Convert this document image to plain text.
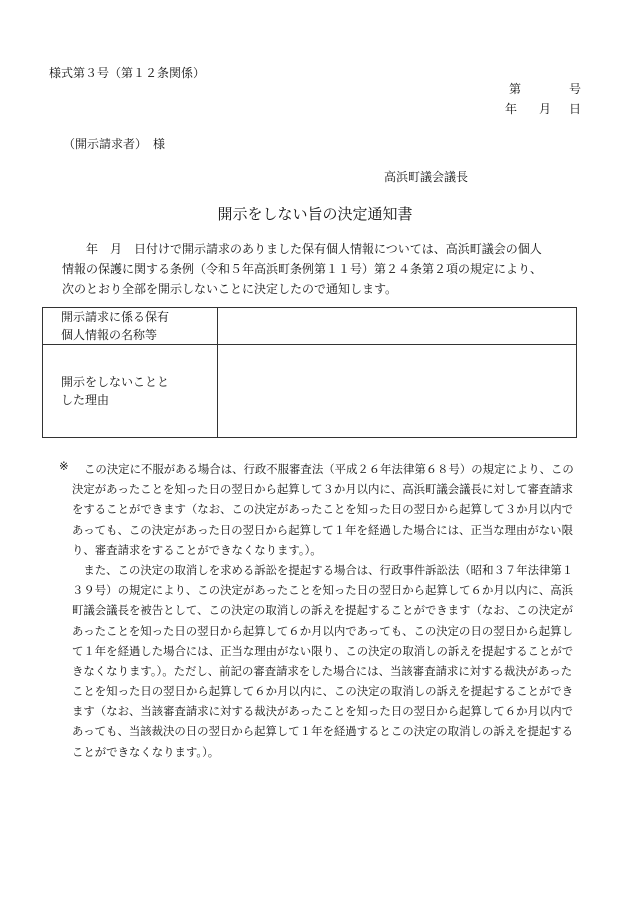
様式第３号（第１２条関係）
第	号
年 月 日
（開示請求者）　様
高浜町議会議長
開示をしない旨の決定通知書
　　年　月　日付けで開示請求のありました保有個人情報については、高浜町議会の個人
情報の保護に関する条例（令和５年高浜町条例第１１号）第２４条第２項の規定により、
次のとおり全部を開示しないことに決定したので通知します。
開示請求に係る保有
個人情報の名称等	

開示をしないことと
した理由	

※ この決定に不服がある場合は、行政不服審査法（平成２６年法律第６８号）の規定により、この
決定があったことを知った日の翌日から起算して３か月以内に、高浜町議会議長に対して審査請求
をすることができます（なお、この決定があったことを知った日の翌日から起算して３か月以内で
あっても、この決定があった日の翌日から起算して１年を経過した場合には、正当な理由がない限
り、審査請求をすることができなくなります。）。
　また、この決定の取消しを求める訴訟を提起する場合は、行政事件訴訟法（昭和３７年法律第１
３９号）の規定により、この決定があったことを知った日の翌日から起算して６か月以内に、高浜
町議会議長を被告として、この決定の取消しの訴えを提起することができます（なお、この決定が
あったことを知った日の翌日から起算して６か月以内であっても、この決定の日の翌日から起算し
て１年を経過した場合には、正当な理由がない限り、この決定の取消しの訴えを提起することがで
きなくなります。）。ただし、前記の審査請求をした場合には、当該審査請求に対する裁決があった
ことを知った日の翌日から起算して６か月以内に、この決定の取消しの訴えを提起することができ
ます（なお、当該審査請求に対する裁決があったことを知った日の翌日から起算して６か月以内で
あっても、当該裁決の日の翌日から起算して１年を経過するとこの決定の取消しの訴えを提起する
ことができなくなります。）。
